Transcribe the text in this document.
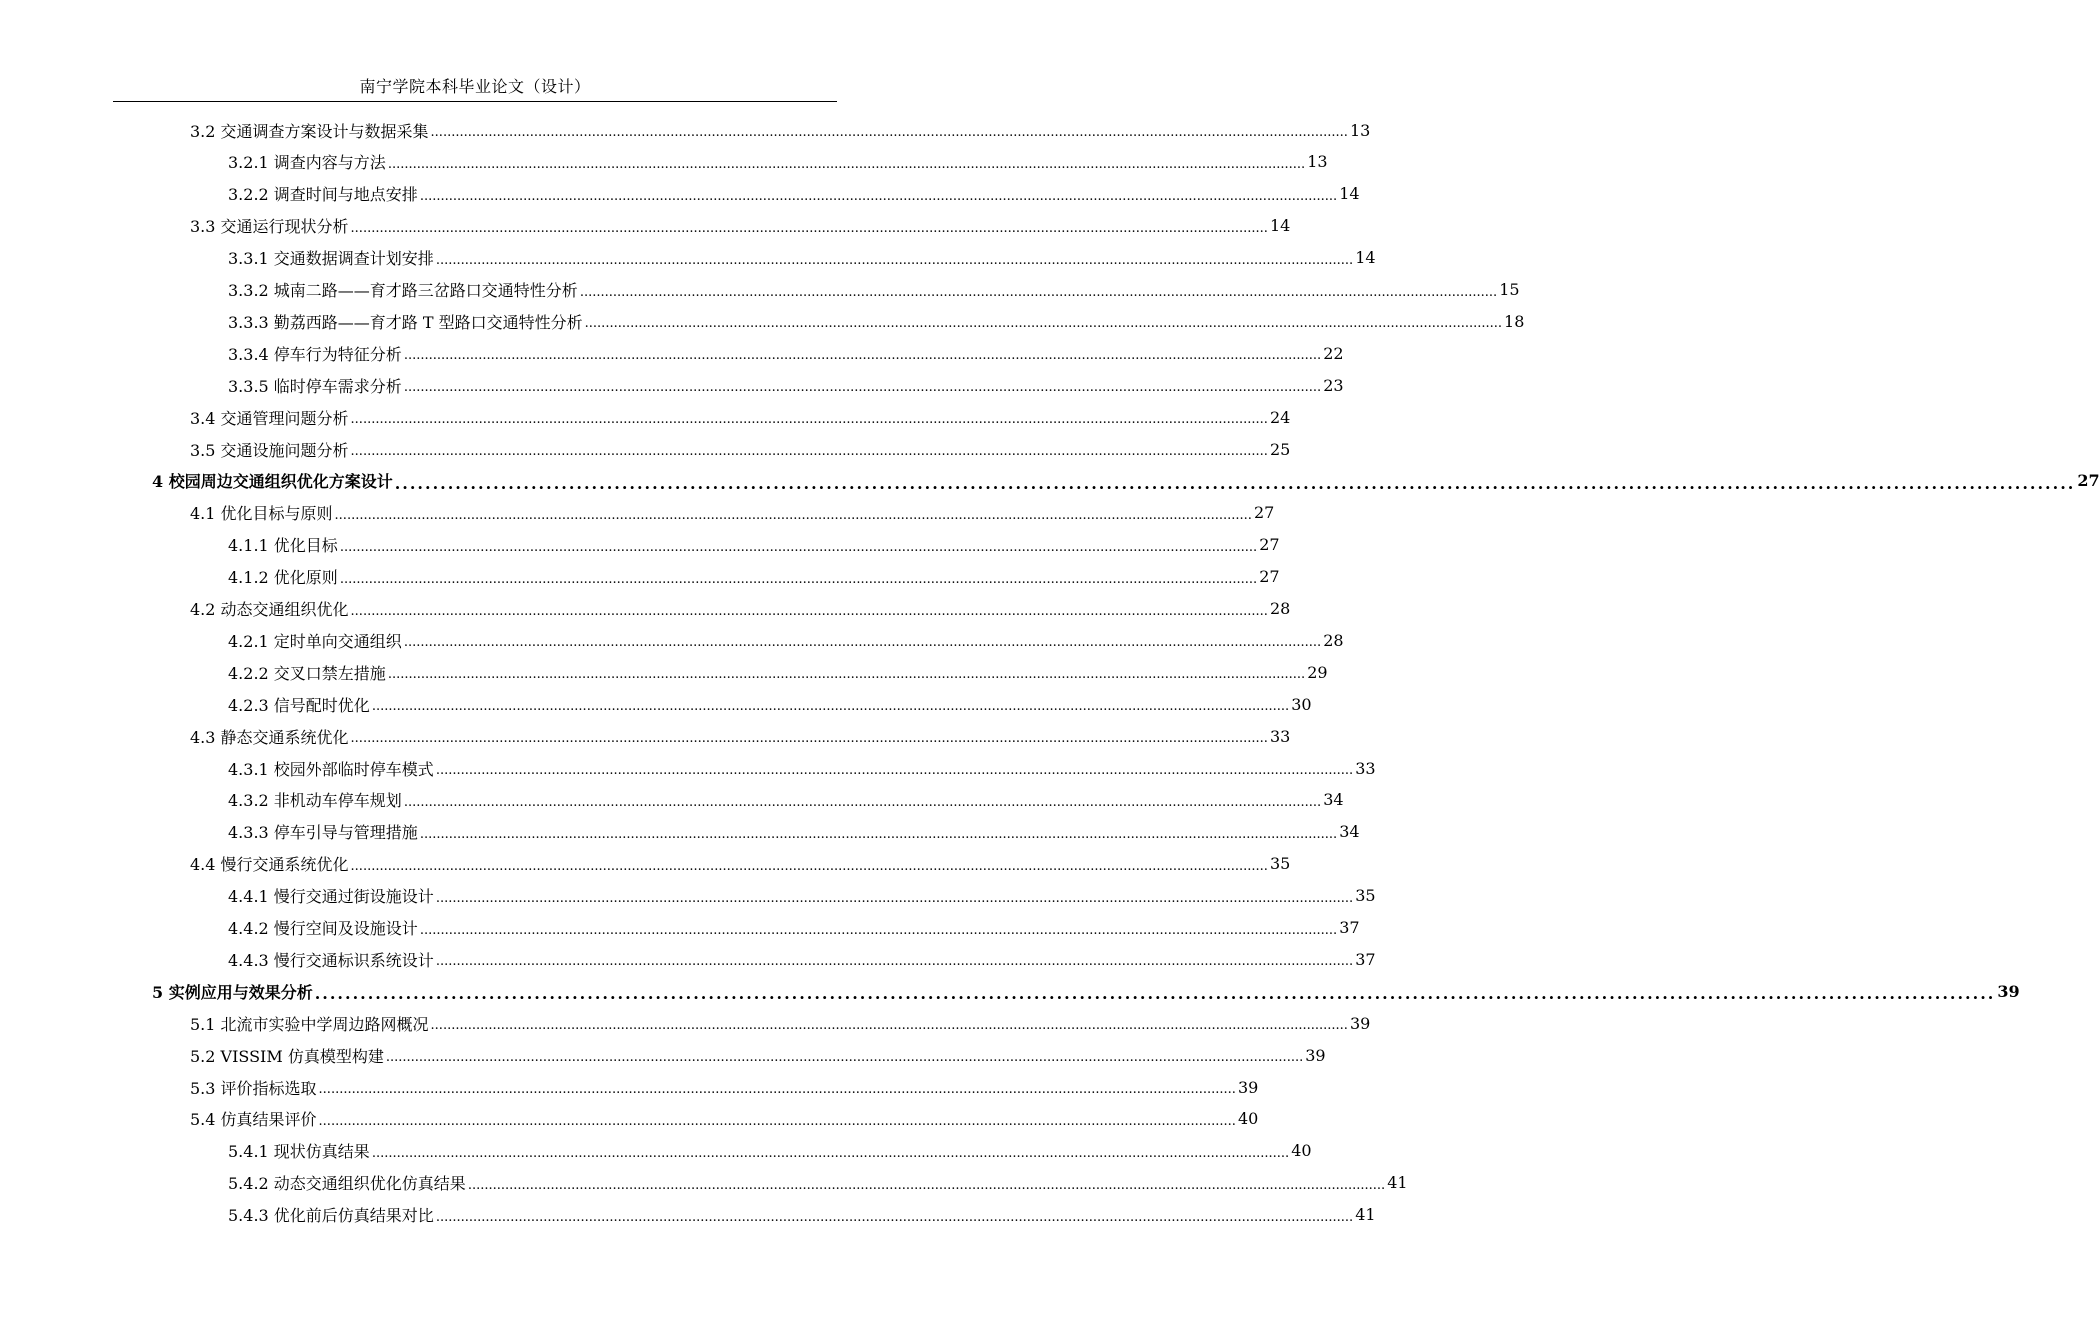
南宁学院本科毕业论文（设计）
3.2 交通调查方案设计与数据采集 .............................................................................................................................................................................................................................. 13
3.2.1 调查内容与方法 .............................................................................................................................................................................................................................. 13
3.2.2 调查时间与地点安排 .............................................................................................................................................................................................................................. 14
3.3 交通运行现状分析 .............................................................................................................................................................................................................................. 14
3.3.1 交通数据调查计划安排 .............................................................................................................................................................................................................................. 14
3.3.2 城南二路——育才路三岔路口交通特性分析 .............................................................................................................................................................................................................................. 15
3.3.3 勤荔西路——育才路 T 型路口交通特性分析 .............................................................................................................................................................................................................................. 18
3.3.4 停车行为特征分析 .............................................................................................................................................................................................................................. 22
3.3.5 临时停车需求分析 .............................................................................................................................................................................................................................. 23
3.4 交通管理问题分析 .............................................................................................................................................................................................................................. 24
3.5 交通设施问题分析 .............................................................................................................................................................................................................................. 25
4 校园周边交通组织优化方案设计 .............................................................................................................................................................................................................................. 27
4.1 优化目标与原则 .............................................................................................................................................................................................................................. 27
4.1.1 优化目标 .............................................................................................................................................................................................................................. 27
4.1.2 优化原则 .............................................................................................................................................................................................................................. 27
4.2 动态交通组织优化 .............................................................................................................................................................................................................................. 28
4.2.1 定时单向交通组织 .............................................................................................................................................................................................................................. 28
4.2.2 交叉口禁左措施 .............................................................................................................................................................................................................................. 29
4.2.3 信号配时优化 .............................................................................................................................................................................................................................. 30
4.3 静态交通系统优化 .............................................................................................................................................................................................................................. 33
4.3.1 校园外部临时停车模式 .............................................................................................................................................................................................................................. 33
4.3.2 非机动车停车规划 .............................................................................................................................................................................................................................. 34
4.3.3 停车引导与管理措施 .............................................................................................................................................................................................................................. 34
4.4 慢行交通系统优化 .............................................................................................................................................................................................................................. 35
4.4.1 慢行交通过街设施设计 .............................................................................................................................................................................................................................. 35
4.4.2 慢行空间及设施设计 .............................................................................................................................................................................................................................. 37
4.4.3 慢行交通标识系统设计 .............................................................................................................................................................................................................................. 37
5 实例应用与效果分析 .............................................................................................................................................................................................................................. 39
5.1 北流市实验中学周边路网概况 .............................................................................................................................................................................................................................. 39
5.2 VISSIM 仿真模型构建 .............................................................................................................................................................................................................................. 39
5.3 评价指标选取 .............................................................................................................................................................................................................................. 39
5.4 仿真结果评价 .............................................................................................................................................................................................................................. 40
5.4.1 现状仿真结果 .............................................................................................................................................................................................................................. 40
5.4.2 动态交通组织优化仿真结果 .............................................................................................................................................................................................................................. 41
5.4.3 优化前后仿真结果对比 .............................................................................................................................................................................................................................. 41
